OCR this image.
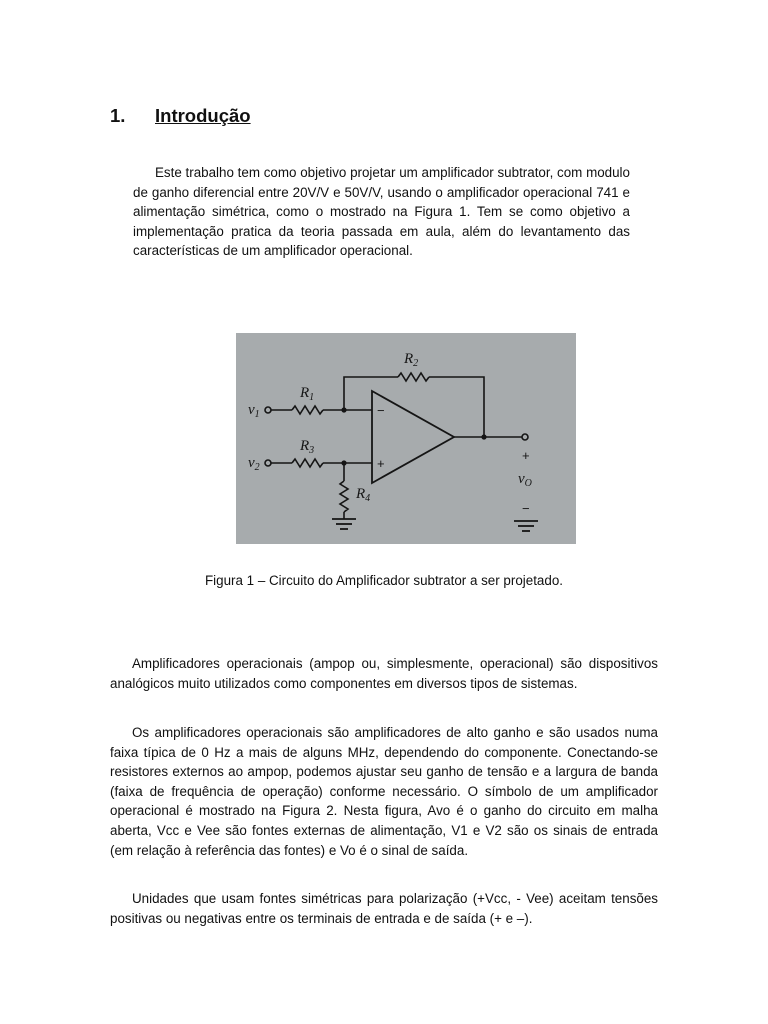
1. Introdução

Este trabalho tem como objetivo projetar um amplificador subtrator, com modulo de ganho diferencial entre 20V/V e 50V/V, usando o amplificador operacional 741 e alimentação simétrica, como o mostrado na Figura 1. Tem se como objetivo a implementação pratica da teoria passada em aula, além do levantamento das características de um amplificador operacional.

$R_2$
$R_1$
$R_3$
$R_4$
$v_1$
$v_2$
$v_O$
−
+
+
−
Figura 1 – Circuito do Amplificador subtrator a ser projetado.

Amplificadores operacionais (ampop ou, simplesmente, operacional) são dispositivos analógicos muito utilizados como componentes em diversos tipos de sistemas.

Os amplificadores operacionais são amplificadores de alto ganho e são usados numa faixa típica de 0 Hz a mais de alguns MHz, dependendo do componente. Conectando-se resistores externos ao ampop, podemos ajustar seu ganho de tensão e a largura de banda (faixa de frequência de operação) conforme necessário. O símbolo de um amplificador operacional é mostrado na Figura 2. Nesta figura, Avo é o ganho do circuito em malha aberta, Vcc e Vee são fontes externas de alimentação, V1 e V2 são os sinais de entrada (em relação à referência das fontes) e Vo é o sinal de saída.

Unidades que usam fontes simétricas para polarização (+Vcc, - Vee) aceitam tensões positivas ou negativas entre os terminais de entrada e de saída (+ e –).
